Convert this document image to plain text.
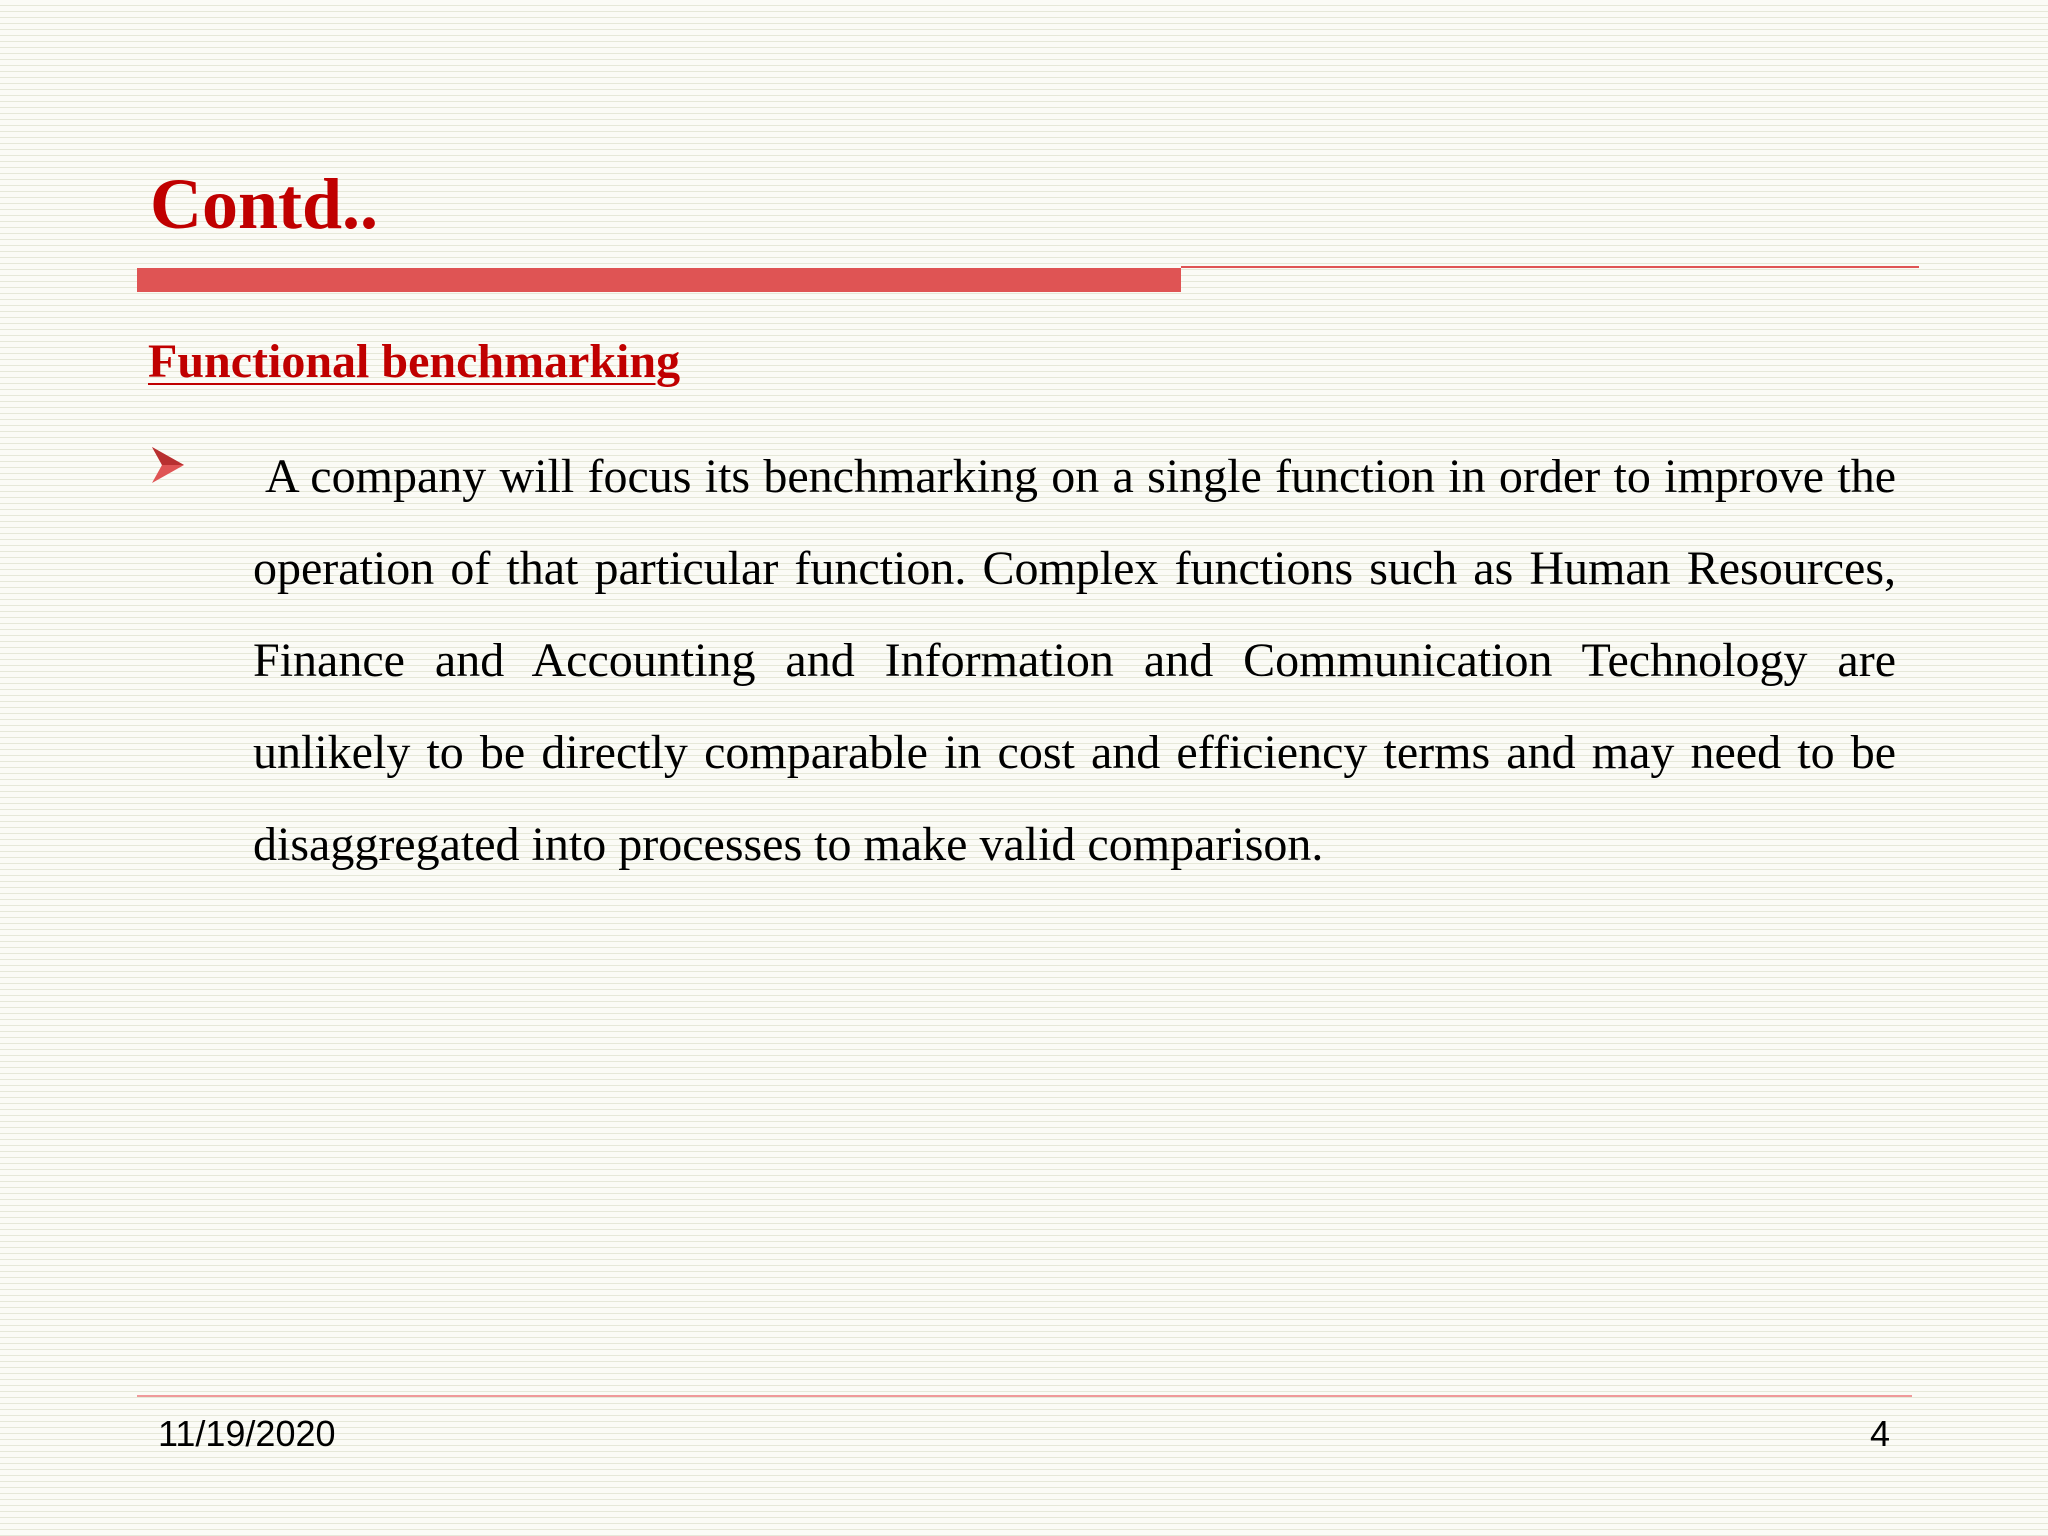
Contd..
Functional benchmarking

A company will focus its benchmarking on a single function in order to improve the operation of that particular function. Complex functions such as Human Resources, Finance and Accounting and Information and Communication Technology are unlikely to be directly comparable in cost and efficiency terms and may need to be disaggregated into processes to make valid comparison.

11/19/2020	4
